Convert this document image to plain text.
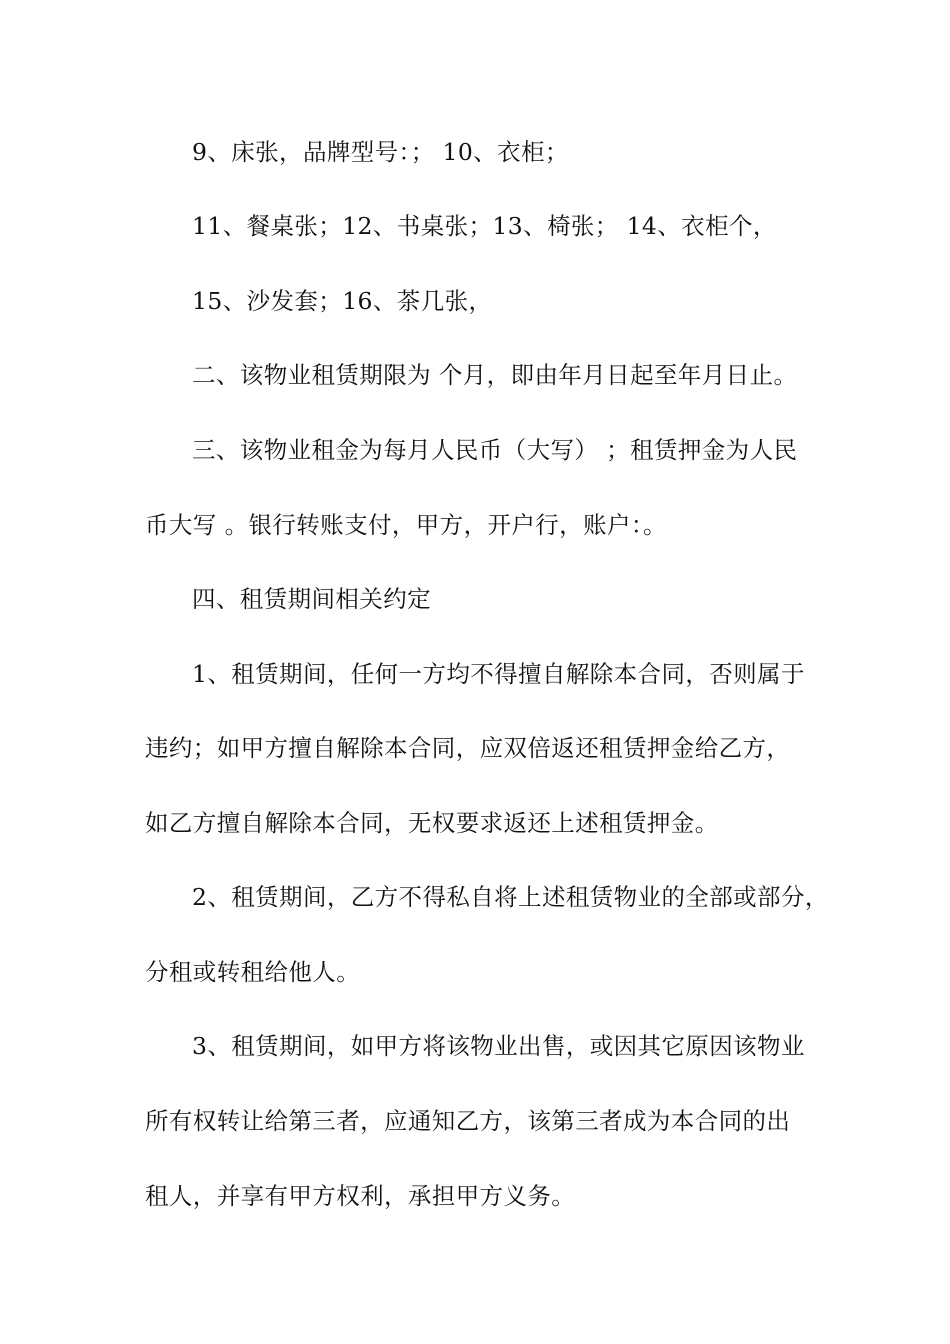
9、床张，品牌型号：； 10、衣柜；
11、餐桌张；12、书桌张；13、椅张； 14、衣柜个，
15、沙发套；16、茶几张，
二、该物业租赁期限为 个月，即由年月日起至年月日止。
三、该物业租金为每月人民币（大写） ；租赁押金为人民
币大写 。银行转账支付，甲方，开户行，账户：。
四、租赁期间相关约定
1、租赁期间，任何一方均不得擅自解除本合同，否则属于
违约；如甲方擅自解除本合同，应双倍返还租赁押金给乙方，
如乙方擅自解除本合同，无权要求返还上述租赁押金。
2、租赁期间，乙方不得私自将上述租赁物业的全部或部分，
分租或转租给他人。
3、租赁期间，如甲方将该物业出售，或因其它原因该物业
所有权转让给第三者，应通知乙方，该第三者成为本合同的出
租人，并享有甲方权利，承担甲方义务。
